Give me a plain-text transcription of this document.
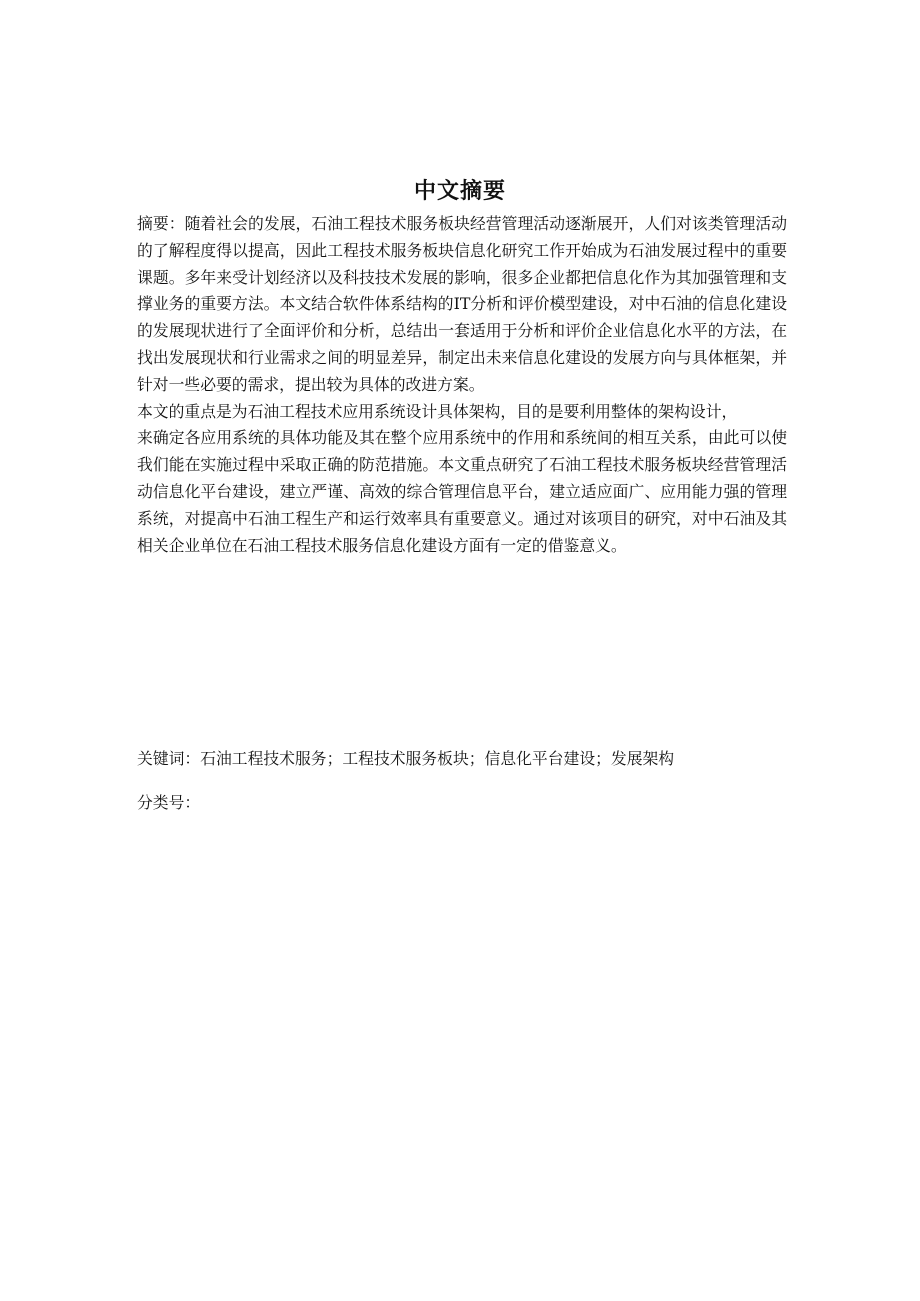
中文摘要

摘要：随着社会的发展，石油工程技术服务板块经营管理活动逐渐展开，人们对该类管理活动的了解程度得以提高，因此工程技术服务板块信息化研究工作开始成为石油发展过程中的重要课题。多年来受计划经济以及科技技术发展的影响，很多企业都把信息化作为其加强管理和支撑业务的重要方法。本文结合软件体系结构的IT分析和评价模型建设，对中石油的信息化建设的发展现状进行了全面评价和分析，总结出一套适用于分析和评价企业信息化水平的方法，在找出发展现状和行业需求之间的明显差异，制定出未来信息化建设的发展方向与具体框架，并针对一些必要的需求，提出较为具体的改进方案。
本文的重点是为石油工程技术应用系统设计具体架构，目的是要利用整体的架构设计，
来确定各应用系统的具体功能及其在整个应用系统中的作用和系统间的相互关系，由此可以使我们能在实施过程中采取正确的防范措施。本文重点研究了石油工程技术服务板块经营管理活动信息化平台建设，建立严谨、高效的综合管理信息平台，建立适应面广、应用能力强的管理系统，对提高中石油工程生产和运行效率具有重要意义。通过对该项目的研究，对中石油及其相关企业单位在石油工程技术服务信息化建设方面有一定的借鉴意义。

关键词：石油工程技术服务；工程技术服务板块；信息化平台建设；发展架构

分类号：
